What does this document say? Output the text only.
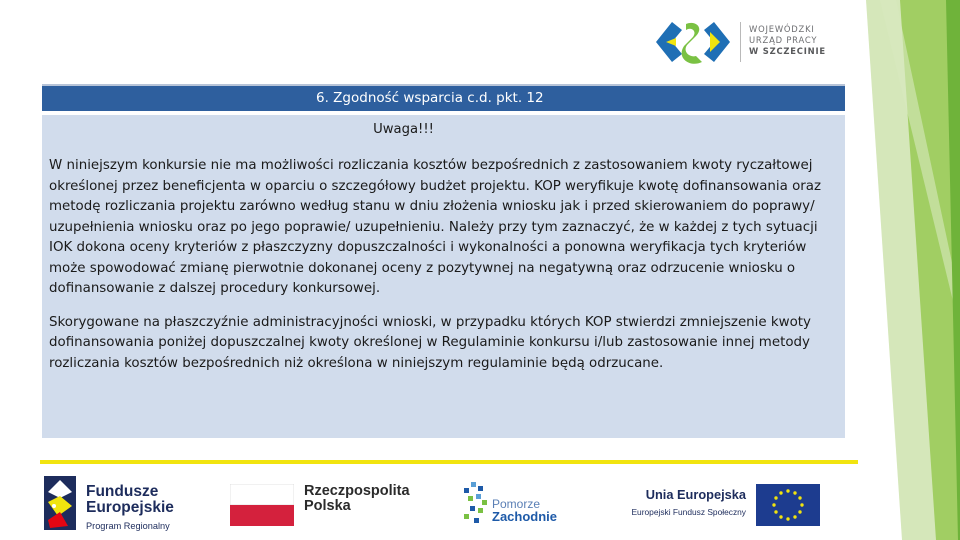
WOJEWÓDZKI
URZĄD PRACY
W SZCZECINIE
6. Zgodność wsparcia c.d. pkt. 12
Uwaga!!!

W niniejszym konkursie nie ma możliwości rozliczania kosztów bezpośrednich z zastosowaniem kwoty ryczałtowej określonej przez beneficjenta w oparciu o szczegółowy budżet projektu. KOP weryfikuje kwotę dofinansowania oraz metodę rozliczania projektu zarówno według stanu w dniu złożenia wniosku jak i przed skierowaniem do poprawy/ uzupełnienia wniosku oraz po jego poprawie/ uzupełnieniu. Należy przy tym zaznaczyć, że w każdej z tych sytuacji IOK dokona oceny kryteriów z płaszczyzny dopuszczalności i wykonalności a ponowna weryfikacja tych kryteriów może spowodować zmianę pierwotnie dokonanej oceny z pozytywnej na negatywną oraz odrzucenie wniosku o dofinansowanie z dalszej procedury konkursowej.

Skorygowane na płaszczyźnie administracyjności wnioski, w przypadku których KOP stwierdzi zmniejszenie kwoty dofinansowania poniżej dopuszczalnej kwoty określonej w Regulaminie konkursu i/lub zastosowanie innej metody rozliczania kosztów bezpośrednich niż określona w niniejszym regulaminie będą odrzucane.

Fundusze
Europejskie
Program Regionalny
Rzeczpospolita
Polska	Pomorze
Zachodnie
Unia Europejska
Europejski Fundusz Społeczny
